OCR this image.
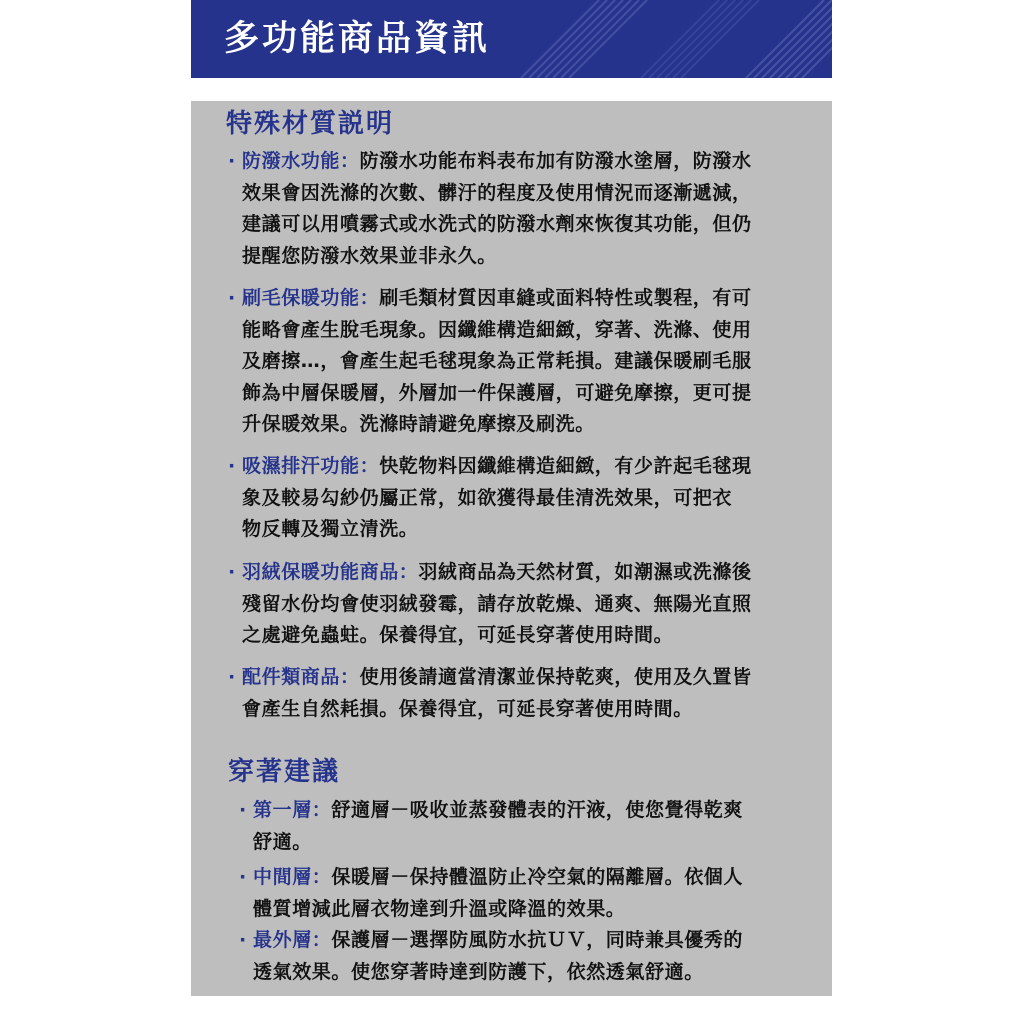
多功能商品資訊
特殊材質説明
· 防潑水功能：防潑水功能布料表布加有防潑水塗層，防潑水
效果會因洗滌的次數、髒汙的程度及使用情況而逐漸遞減，
建議可以用噴霧式或水洗式的防潑水劑來恢復其功能，但仍
提醒您防潑水效果並非永久。
· 刷毛保暖功能：刷毛類材質因車縫或面料特性或製程，有可
能略會產生脫毛現象。因纖維構造細緻，穿著、洗滌、使用
及磨擦…，會產生起毛毬現象為正常耗損。建議保暖刷毛服
飾為中層保暖層，外層加一件保護層，可避免摩擦，更可提
升保暖效果。洗滌時請避免摩擦及刷洗。
· 吸濕排汗功能：快乾物料因纖維構造細緻，有少許起毛毬現
象及較易勾紗仍屬正常，如欲獲得最佳清洗效果，可把衣
物反轉及獨立清洗。
· 羽絨保暖功能商品：羽絨商品為天然材質，如潮濕或洗滌後
殘留水份均會使羽絨發霉，請存放乾燥、通爽、無陽光直照
之處避免蟲蛀。保養得宜，可延長穿著使用時間。
· 配件類商品：使用後請適當清潔並保持乾爽，使用及久置皆
會產生自然耗損。保養得宜，可延長穿著使用時間。
穿著建議
· 第一層：舒適層－吸收並蒸發體表的汗液，使您覺得乾爽
舒適。
· 中間層：保暖層－保持體溫防止冷空氣的隔離層。依個人
體質增減此層衣物達到升溫或降溫的效果。
· 最外層：保護層－選擇防風防水抗ＵＶ，同時兼具優秀的
透氣效果。使您穿著時達到防護下，依然透氣舒適。
